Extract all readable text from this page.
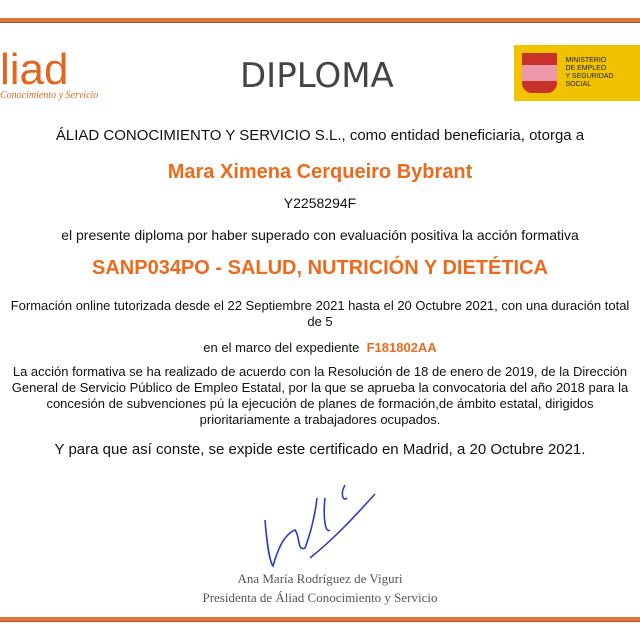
liad
Conocimiento y Servicio	DIPLOMA	MINISTERIO
DE EMPLEO
Y SEGURIDAD SOCIAL
ÁLIAD CONOCIMIENTO Y SERVICIO S.L., como entidad beneficiaria, otorga a
Mara Ximena Cerqueiro Bybrant
Y2258294F
el presente diploma por haber superado con evaluación positiva la acción formativa
SANP034PO - SALUD, NUTRICIÓN Y DIETÉTICA
Formación online tutorizada desde el 22 Septiembre 2021 hasta el 20 Octubre 2021, con una duración total de 5
en el marco del expediente F181802AA
La acción formativa se ha realizado de acuerdo con la Resolución de 18 de enero de 2019, de la Dirección General de Servicio Público de Empleo Estatal, por la que se aprueba la convocatoria del año 2018 para la concesión de subvenciones pú la ejecución de planes de formación,de ámbito estatal, dirigidos prioritariamente a trabajadores ocupados.
Y para que así conste, se expide este certificado en Madrid, a 20 Octubre 2021.
Ana María Rodríguez de Viguri
Presidenta de Áliad Conocimiento y Servicio
